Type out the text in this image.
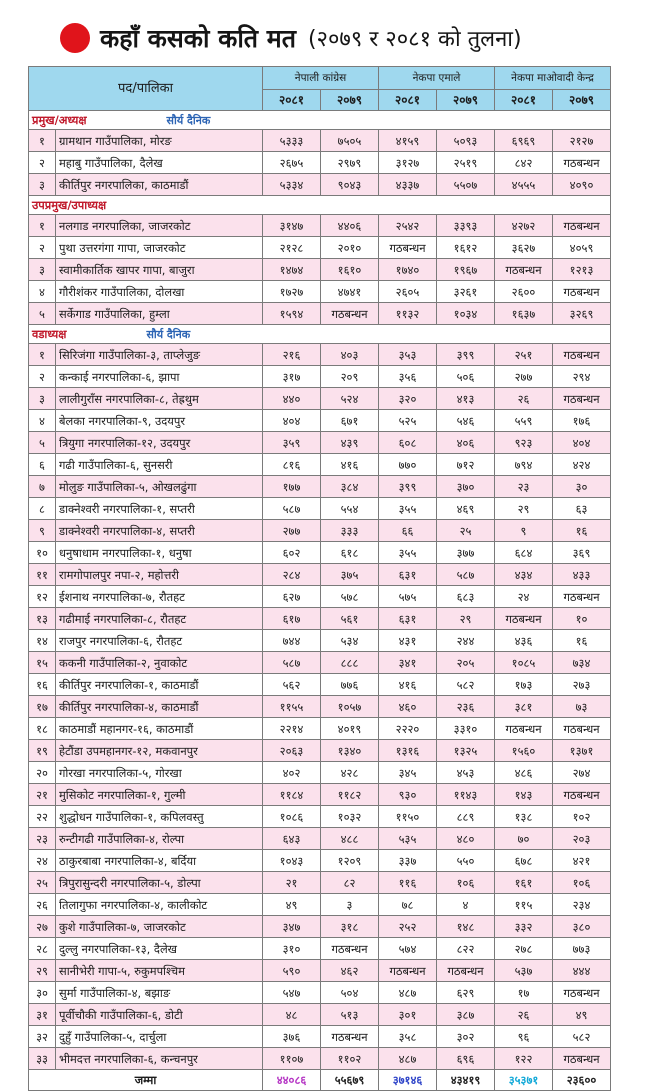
कहाँ कसको कति मत (२०७९ र २०८१ को तुलना)
पद/पालिका		नेपाली कांग्रेस		नेकपा एमाले		नेकपा माओवादी केन्द्र	
		२०८१	२०७९	२०८१	२०७९	२०८१	२०७९
प्रमुख/अध्यक्ष सौर्य दैनिक							
१	ग्रामथान गाउँपालिका, मोरङ	५३३३	७५०५	४१५९	५०९३	६९६९	२१२७
२	महाबु गाउँपालिका, दैलेख	२६७५	२९७९	३१२७	२५१९	८४२	गठबन्धन
३	कीर्तिपुर नगरपालिका, काठमाडौं	५३३४	९०४३	४३३७	५५०७	४५५५	४०९०
उपप्रमुख/उपाध्यक्ष							
१	नलगाड नगरपालिका, जाजरकोट	३१४७	४४०६	२५४२	३३९३	४२७२	गठबन्धन
२	पुथा उत्तरगंगा गापा, जाजरकोट	२१२८	२०१०	गठबन्धन	१६१२	३६२७	४०५९
३	स्वामीकार्तिक खापर गापा, बाजुरा	१४७४	१६१०	१७४०	१९६७	गठबन्धन	१२१३
४	गौरीशंकर गाउँपालिका, दोलखा	१७२७	४७४१	२६०५	३२६१	२६००	गठबन्धन
५	सर्केगाड गाउँपालिका, हुम्ला	१५९४	गठबन्धन	११३२	१०३४	१६३७	३२६९
वडाध्यक्ष सौर्य दैनिक							
१	सिरिजंगा गाउँपालिका-३, ताप्लेजुङ	२१६	४०३	३५३	३९९	२५१	गठबन्धन
२	कन्काई नगरपालिका-६, झापा	३१७	२०९	३५६	५०६	२७७	२९४
३	लालीगुराँस नगरपालिका-८, तेह्रथुम	४४०	५२४	३२०	४१३	२६	गठबन्धन
४	बेलका नगरपालिका-९, उदयपुर	४०४	६७१	५२५	५४६	५५९	१७६
५	त्रियुगा नगरपालिका-१२, उदयपुर	३५९	४३९	६०८	४०६	९२३	४०४
६	गढी गाउँपालिका-६, सुनसरी	८१६	४१६	७७०	७१२	७९४	४२४
७	मोलुङ गाउँपालिका-५, ओखलढुंगा	१७७	३८४	३९९	३७०	२३	३०
८	डाक्नेश्वरी नगरपालिका-१, सप्तरी	५८७	५५४	३५५	४६९	२९	६३
९	डाक्नेश्वरी नगरपालिका-४, सप्तरी	२७७	३३३	६६	२५	९	१६
१०	धनुषाधाम नगरपालिका-१, धनुषा	६०२	६१८	३५५	३७७	६८४	३६९
११	रामगोपालपुर नपा-२, महोत्तरी	२८४	३७५	६३१	५८७	४३४	४३३
१२	ईशनाथ नगरपालिका-७, रौतहट	६२७	५७८	५७५	६८३	२४	गठबन्धन
१३	गढीमाई नगरपालिका-८, रौतहट	६१७	५६१	६३१	२९	गठबन्धन	१०
१४	राजपुर नगरपालिका-६, रौतहट	७४४	५३४	४३१	२४४	४३६	१६
१५	ककनी गाउँपालिका-२, नुवाकोट	५८७	८८८	३४१	२०५	१०८५	७३४
१६	कीर्तिपुर नगरपालिका-१, काठमाडौं	५६२	७७६	४१६	५८२	१७३	२७३
१७	कीर्तिपुर नगरपालिका-४, काठमाडौं	११५५	१०५७	४६०	२३६	३८१	७३
१८	काठमाडौं महानगर-१६, काठमाडौं	२२१४	४०१९	२२२०	३३१०	गठबन्धन	गठबन्धन
१९	हेटौंडा उपमहानगर-१२, मकवानपुर	२०६३	१३४०	१३१६	१३२५	१५६०	१३७१
२०	गोरखा नगरपालिका-५, गोरखा	४०२	४२८	३४५	४५३	४८६	२७४
२१	मुसिकोट नगरपालिका-१, गुल्मी	११८४	११८२	९३०	११४३	१४३	गठबन्धन
२२	शुद्धोधन गाउँपालिका-१, कपिलवस्तु	१०८६	१०३२	११५०	८८९	१३८	१०२
२३	रुन्टीगढी गाउँपालिका-४, रोल्पा	६४३	४८८	५३५	४८०	७०	२०३
२४	ठाकुरबाबा नगरपालिका-४, बर्दिया	१०४३	१२०९	३३७	५५०	६७८	४२१
२५	त्रिपुरासुन्दरी नगरपालिका-५, डोल्पा	२१	८२	११६	१०६	१६१	१०६
२६	तिलागुफा नगरपालिका-४, कालीकोट	४९	३	७८	४	११५	२३४
२७	कुशे गाउँपालिका-७, जाजरकोट	३४७	३१८	२५२	१४८	३३२	३८०
२८	दुल्लु नगरपालिका-१३, दैलेख	३१०	गठबन्धन	५७४	८२२	२७८	७७३
२९	सानीभेरी गापा-५, रुकुमपश्चिम	५९०	४६२	गठबन्धन	गठबन्धन	५३७	४४४
३०	सुर्मा गाउँपालिका-४, बझाङ	५४७	५०४	४८७	६२९	१७	गठबन्धन
३१	पूर्वीचौकी गाउँपालिका-६, डोटी	४८	५१३	३०१	३८७	२६	४९
३२	दुहुँ गाउँपालिका-५, दार्चुला	३७६	गठबन्धन	३५८	३०२	९६	५८२
३३	भीमदत्त नगरपालिका-६, कन्चनपुर	११०७	११०२	४८७	६९६	१२२	गठबन्धन
जम्मा		४४०८६	५५६७९	३७१४६	४३४१९	३५३७१	२३६००
